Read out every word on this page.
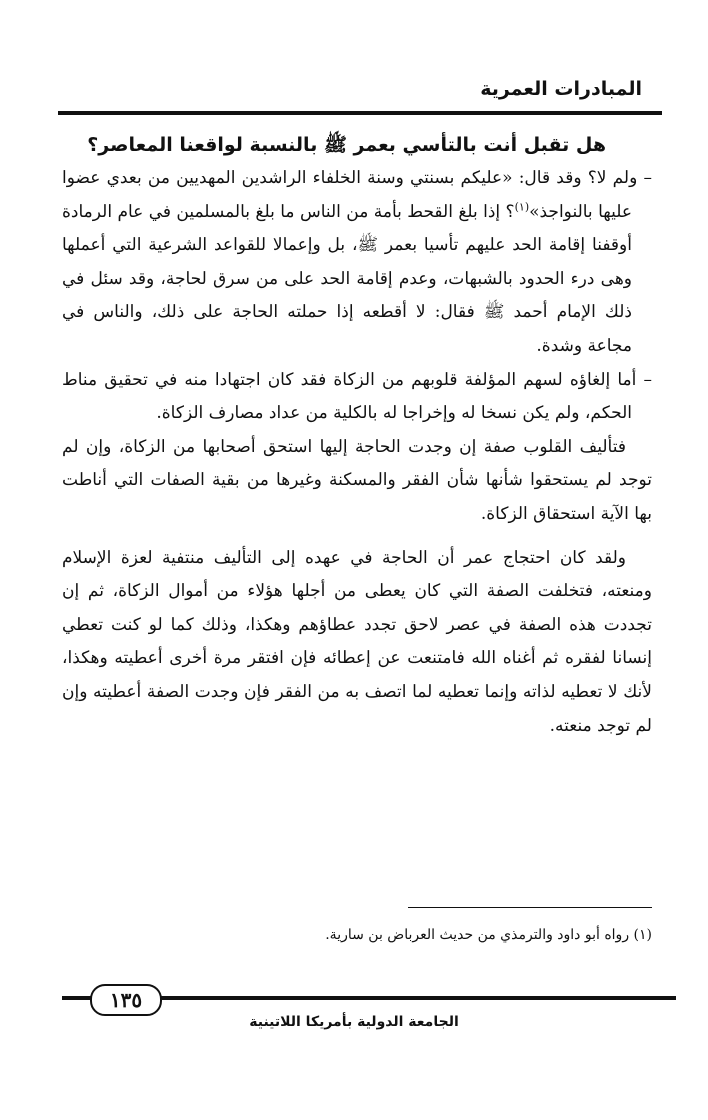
المبادرات العمرية

هل تقبل أنت بالتأسي بعمر ﷺ بالنسبة لواقعنا المعاصر؟

– ولم لا؟ وقد قال: «عليكم بسنتي وسنة الخلفاء الراشدين المهديين من بعدي عضوا عليها بالنواجذ»$^{(١)}$؟ إذا بلغ القحط بأمة من الناس ما بلغ بالمسلمين في عام الرمادة أوقفنا إقامة الحد عليهم تأسيا بعمر ﷺ، بل وإعمالا للقواعد الشرعية التي أعملها وهى درء الحدود بالشبهات، وعدم إقامة الحد على من سرق لحاجة، وقد سئل في ذلك الإمام أحمد ﷺ فقال: لا أقطعه إذا حملته الحاجة على ذلك، والناس في مجاعة وشدة.

– أما إلغاؤه لسهم المؤلفة قلوبهم من الزكاة فقد كان اجتهادا منه في تحقيق مناط الحكم، ولم يكن نسخا له وإخراجا له بالكلية من عداد مصارف الزكاة.

فتأليف القلوب صفة إن وجدت الحاجة إليها استحق أصحابها من الزكاة، وإن لم توجد لم يستحقوا شأنها شأن الفقر والمسكنة وغيرها من بقية الصفات التي أناطت بها الآية استحقاق الزكاة.

ولقد كان احتجاج عمر أن الحاجة في عهده إلى التأليف منتفية لعزة الإسلام ومنعته، فتخلفت الصفة التي كان يعطى من أجلها هؤلاء من أموال الزكاة، ثم إن تجددت هذه الصفة في عصر لاحق تجدد عطاؤهم وهكذا، وذلك كما لو كنت تعطي إنسانا لفقره ثم أغناه الله فامتنعت عن إعطائه فإن افتقر مرة أخرى أعطيته وهكذا، لأنك لا تعطيه لذاته وإنما تعطيه لما اتصف به من الفقر فإن وجدت الصفة أعطيته وإن لم توجد منعته.

(١) رواه أبو داود والترمذي من حديث العرباض بن سارية.

١٣٥
الجامعة الدولية بأمريكا اللاتينية
